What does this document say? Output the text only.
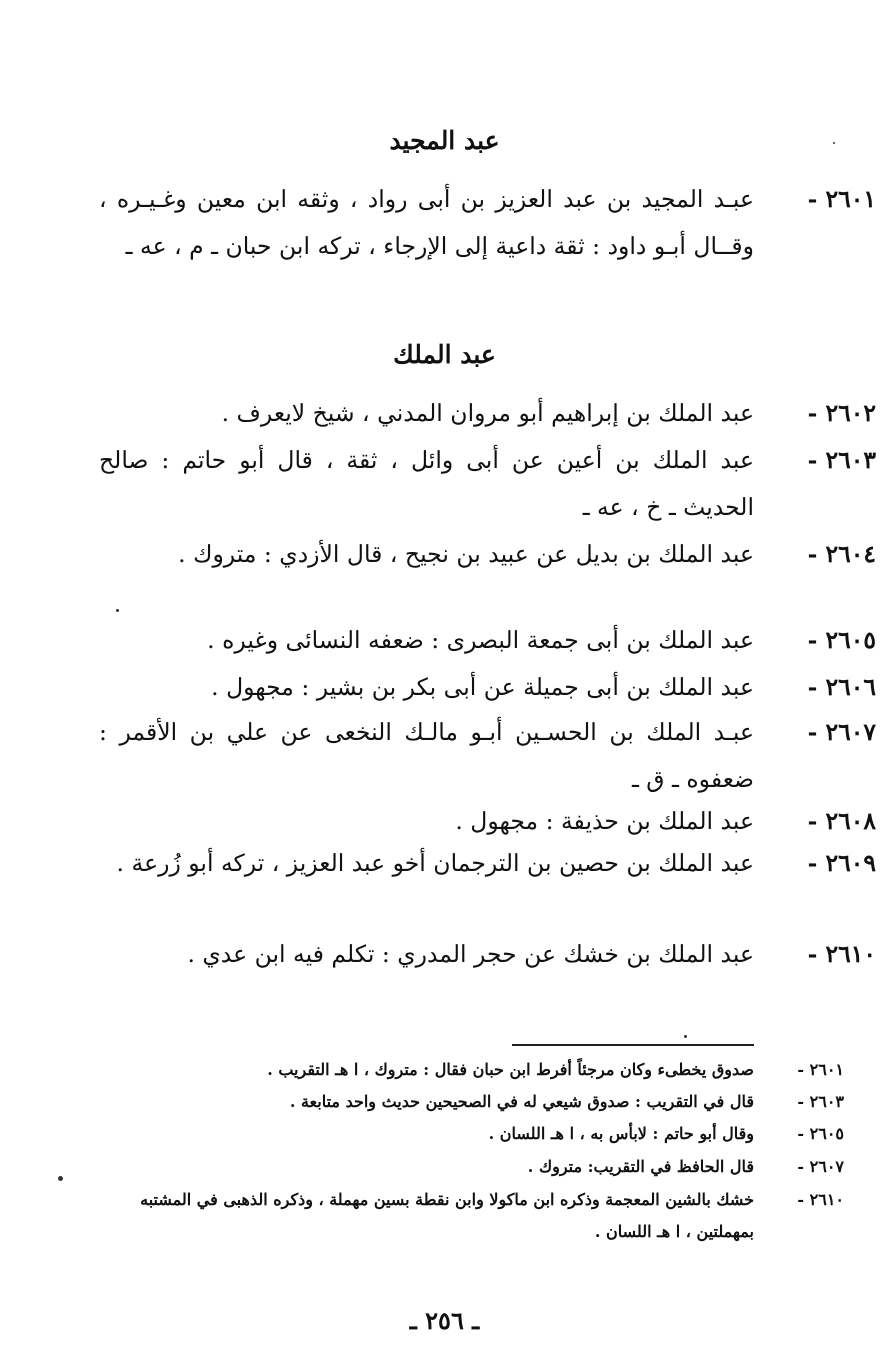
عبد المجيد
٢٦٠١ -
عبـد المجيد بن عبد العزيز بن أبى رواد ، وثقه ابن معين وغـيـره ، وقــال أبـو داود : ثقة داعية إلى الإرجاء ، تركه ابن حبان ـ م ، عه ـ
عبد الملك
٢٦٠٢ -
عبد الملك بن إبراهيم أبو مروان المدني ، شيخ لايعرف .
٢٦٠٣ -
عبد الملك بن أعين عن أبى وائل ، ثقة ، قال أبو حاتم : صالح الحديث ـ خ ، عه ـ
٢٦٠٤ -
عبد الملك بن بديل عن عبيد بن نجيح ، قال الأزدي : متروك .
٢٦٠٥ -
عبد الملك بن أبى جمعة البصرى : ضعفه النسائى وغيره .
٢٦٠٦ -
عبد الملك بن أبى جميلة عن أبى بكر بن بشير : مجهول .
٢٦٠٧ -
عبـد الملك بن الحسـين أبـو مالـك النخعى عن علي بن الأقمر : ضعفوه ـ ق ـ
٢٦٠٨ -
عبد الملك بن حذيفة : مجهول .
٢٦٠٩ -
عبد الملك بن حصين بن الترجمان أخو عبد العزيز ، تركه أبو زُرعة .
٢٦١٠ -
عبد الملك بن خشك عن حجر المدري : تكلم فيه ابن عدي .
٢٦٠١ -
صدوق يخطىء وكان مرجئاً أفرط ابن حبان فقال : متروك ، ا هـ التقريب .
٢٦٠٣ -
قال في التقريب : صدوق شيعي له في الصحيحين حديث واحد متابعة .
٢٦٠٥ -
وقال أبو حاتم : لابأس به ، ا هـ اللسان .
٢٦٠٧ -
قال الحافظ في التقريب: متروك .
٢٦١٠ -
خشك بالشين المعجمة وذكره ابن ماكولا وابن نقطة بسين مهملة ، وذكره الذهبى في المشتبه بمهملتين ، ا هـ اللسان .
ـ ٢٥٦ ـ
